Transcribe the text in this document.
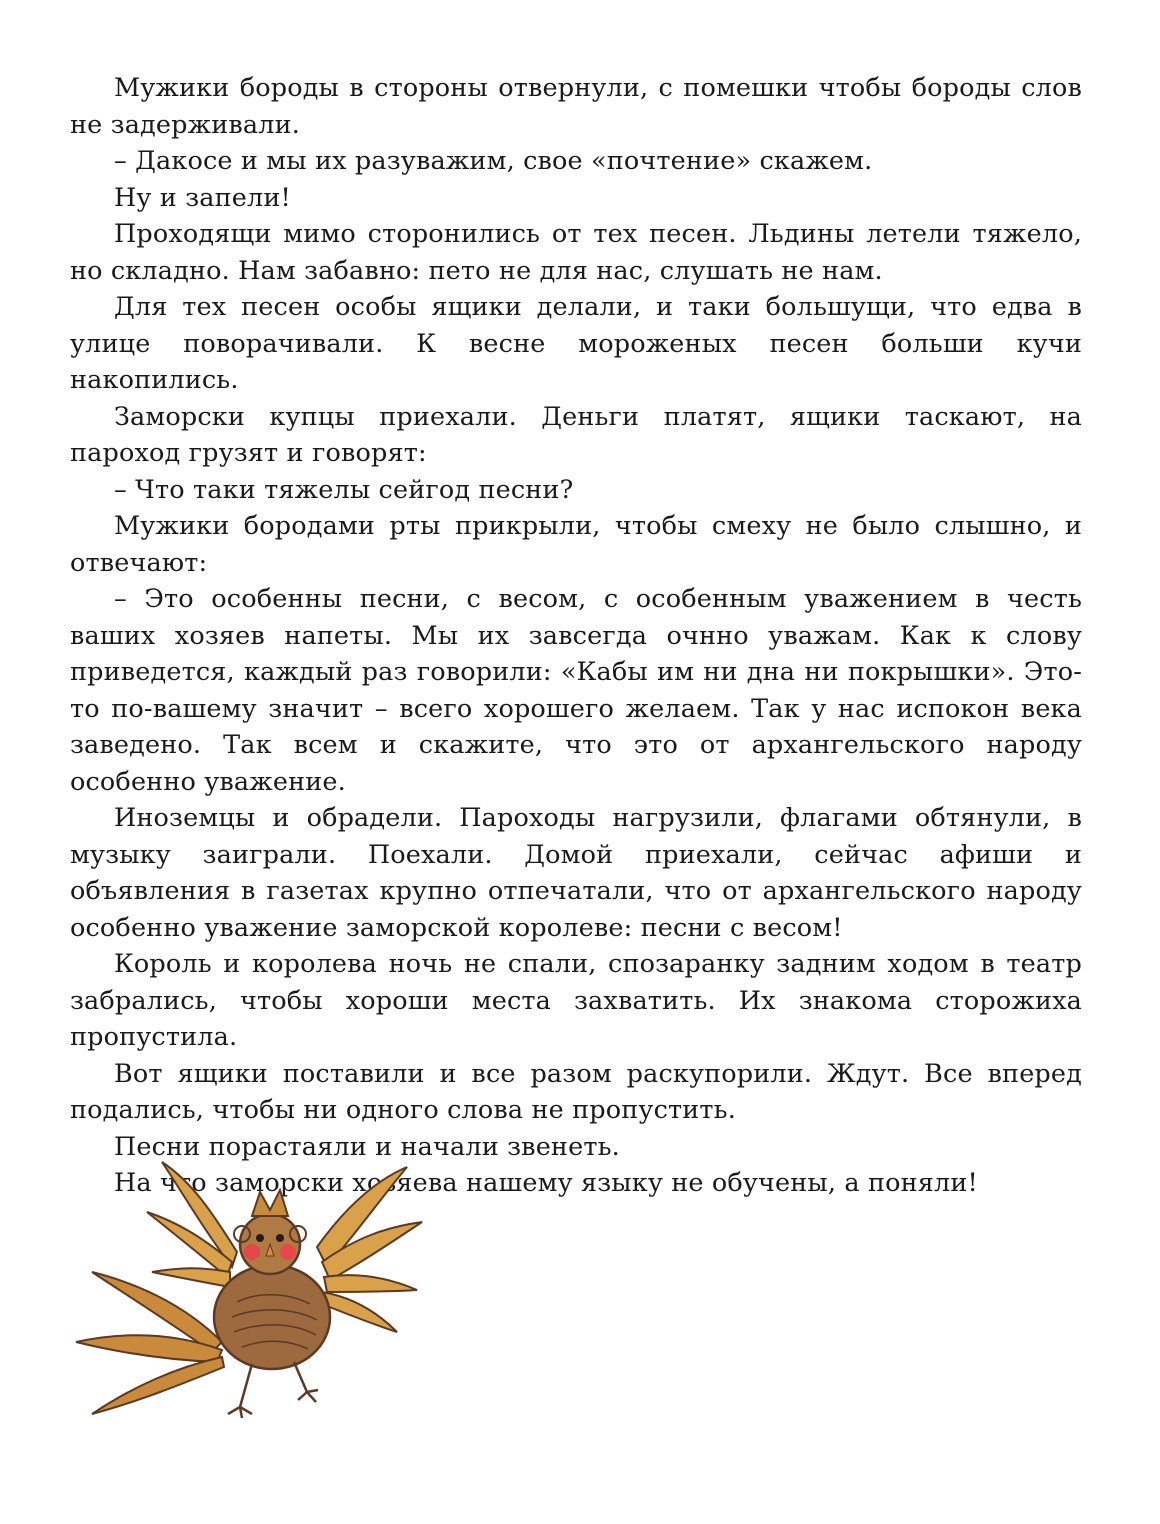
Мужики бороды в стороны отвернули, с помешки чтобы бороды слов не задерживали.

– Дакосе и мы их разуважим, свое «почтение» скажем.

Ну и запели!

Проходящи мимо сторонились от тех песен. Льдины летели тяжело, но складно. Нам забавно: пето не для нас, слушать не нам.

Для тех песен особы ящики делали, и таки большущи, что едва в улице поворачивали. К весне мороженых песен больши кучи накопились.

Заморски купцы приехали. Деньги платят, ящики таскают, на пароход грузят и говорят:

– Что таки тяжелы сейгод песни?

Мужики бородами рты прикрыли, чтобы смеху не было слышно, и отвечают:

– Это особенны песни, с весом, с особенным уважением в честь ваших хозяев напеты. Мы их завсегда очнно уважам. Как к слову приведется, каждый раз говорили: «Кабы им ни дна ни покрышки». Это-то по-вашему значит – всего хорошего желаем. Так у нас испокон века заведено. Так всем и скажите, что это от архангельского народу особенно уважение.

Иноземцы и обрадели. Пароходы нагрузили, флагами обтянули, в музыку заиграли. Поехали. Домой приехали, сейчас афиши и объявления в газетах крупно отпечатали, что от архангельского народу особенно уважение заморской королеве: песни с весом!

Король и королева ночь не спали, спозаранку задним ходом в театр забрались, чтобы хороши места захватить. Их знакома сторожиха пропустила.

Вот ящики поставили и все разом раскупорили. Ждут. Все вперед подались, чтобы ни одного слова не пропустить.

Песни порастаяли и начали звенеть.

На что заморски хозяева нашему языку не обучены, а поняли!
